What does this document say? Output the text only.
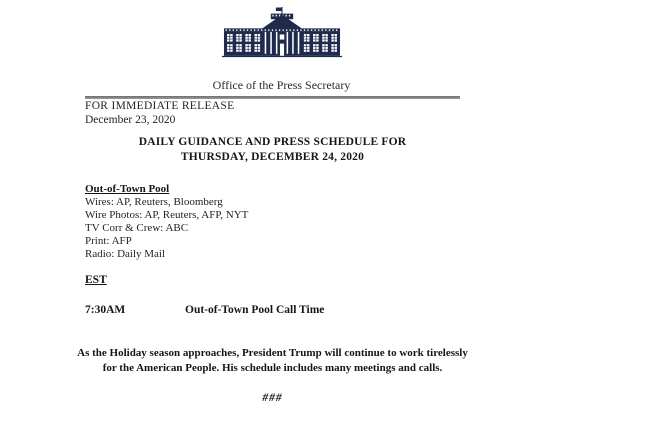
Office of the Press Secretary
FOR IMMEDIATE RELEASE
December 23, 2020
DAILY GUIDANCE AND PRESS SCHEDULE FOR
THURSDAY, DECEMBER 24, 2020
Out-of-Town Pool
Wires: AP, Reuters, Bloomberg
Wire Photos: AP, Reuters, AFP, NYT
TV Corr & Crew: ABC
Print: AFP
Radio: Daily Mail
EST
7:30AM	Out-of-Town Pool Call Time
As the Holiday season approaches, President Trump will continue to work tirelessly
for the American People. His schedule includes many meetings and calls.
###
